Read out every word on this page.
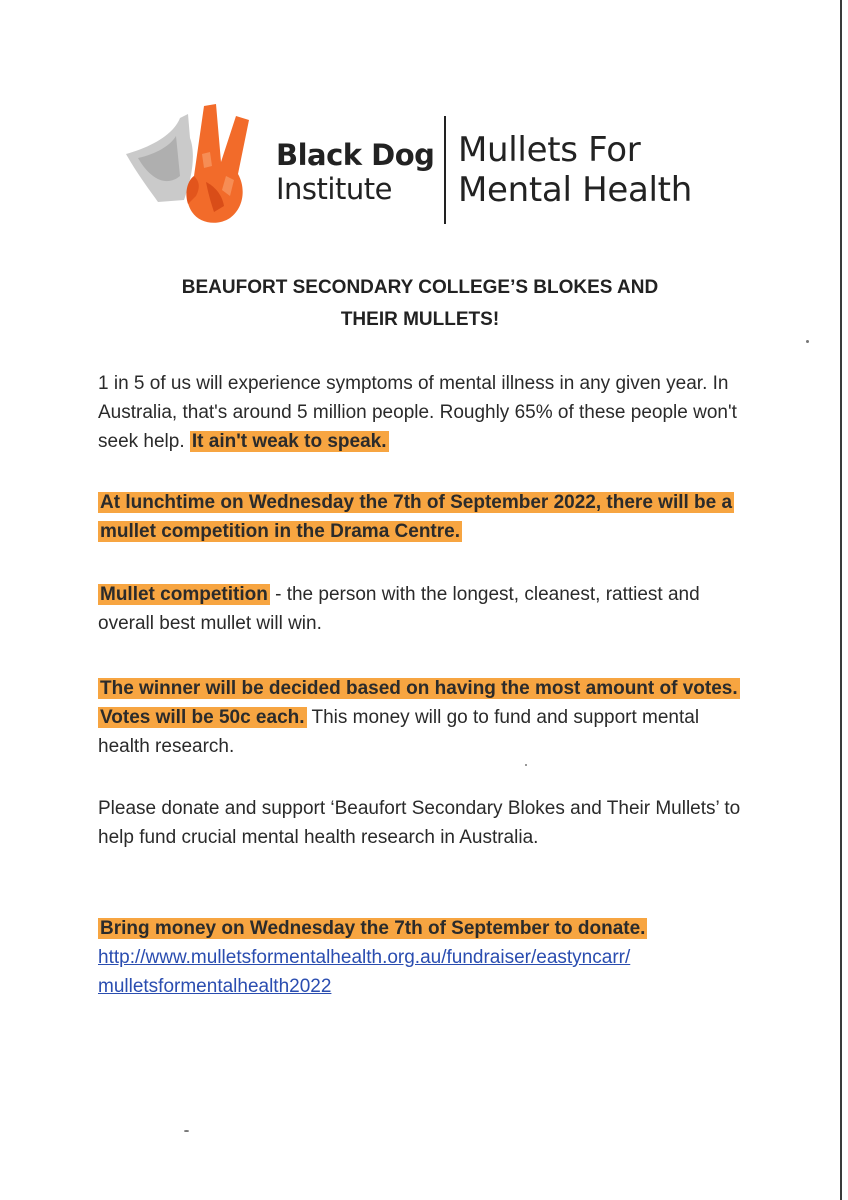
Black Dog
Institute
Mullets For
Mental Health
BEAUFORT SECONDARY COLLEGE’S BLOKES AND
THEIR MULLETS!
1 in 5 of us will experience symptoms of mental illness in any given year. In Australia, that's around 5 million people. Roughly 65% of these people won't seek help. It ain't weak to speak.
At lunchtime on Wednesday the 7th of September 2022, there will be a mullet competition in the Drama Centre.
Mullet competition - the person with the longest, cleanest, rattiest and overall best mullet will win.
The winner will be decided based on having the most amount of votes. Votes will be 50c each. This money will go to fund and support mental health research.
Please donate and support ‘Beaufort Secondary Blokes and Their Mullets’ to help fund crucial mental health research in Australia.
Bring money on Wednesday the 7th of September to donate.
http://www.mulletsformentalhealth.org.au/fundraiser/eastyncarr/
mulletsformentalhealth2022
